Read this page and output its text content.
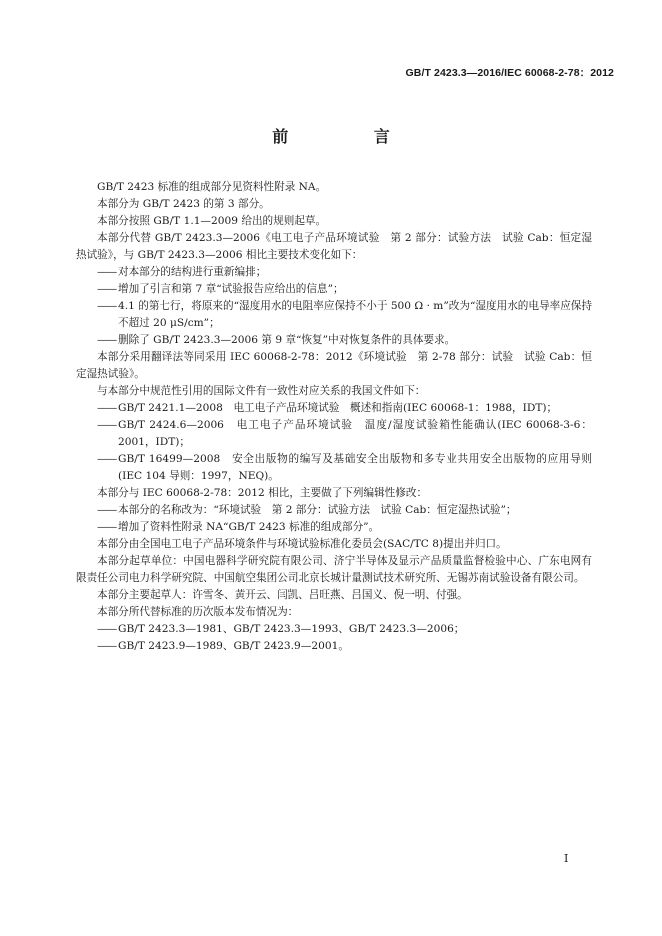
GB/T 2423.3—2016/IEC 60068-2-78：2012
前 言

GB/T 2423 标准的组成部分见资料性附录 NA。

本部分为 GB/T 2423 的第 3 部分。

本部分按照 GB/T 1.1—2009 给出的规则起草。

本部分代替 GB/T 2423.3—2006《电工电子产品环境试验　第 2 部分：试验方法　试验 Cab：恒定湿热试验》，与 GB/T 2423.3—2006 相比主要技术变化如下：

—— 对本部分的结构进行重新编排；

—— 增加了引言和第 7 章“试验报告应给出的信息”；

—— 4.1 的第七行，将原来的“湿度用水的电阻率应保持不小于 500 Ω · m”改为“湿度用水的电导率应保持不超过 20 μS/cm”；

—— 删除了 GB/T 2423.3—2006 第 9 章“恢复”中对恢复条件的具体要求。

本部分采用翻译法等同采用 IEC 60068-2-78：2012《环境试验　第 2-78 部分：试验　试验 Cab：恒定湿热试验》。

与本部分中规范性引用的国际文件有一致性对应关系的我国文件如下：

—— GB/T 2421.1—2008　电工电子产品环境试验　概述和指南(IEC 60068-1：1988，IDT)；

—— GB/T 2424.6—2006　电工电子产品环境试验　温度/湿度试验箱性能确认(IEC 60068-3-6：2001，IDT)；

—— GB/T 16499—2008　安全出版物的编写及基础安全出版物和多专业共用安全出版物的应用导则(IEC 104 导则：1997，NEQ)。

本部分与 IEC 60068-2-78：2012 相比，主要做了下列编辑性修改：

—— 本部分的名称改为：“环境试验　第 2 部分：试验方法　试验 Cab：恒定湿热试验”；

—— 增加了资料性附录 NA“GB/T 2423 标准的组成部分”。

本部分由全国电工电子产品环境条件与环境试验标准化委员会(SAC/TC 8)提出并归口。

本部分起草单位：中国电器科学研究院有限公司、济宁半导体及显示产品质量监督检验中心、广东电网有限责任公司电力科学研究院、中国航空集团公司北京长城计量测试技术研究所、无锡苏南试验设备有限公司。

本部分主要起草人：许雪冬、黄开云、闫凯、吕旺燕、吕国义、倪一明、付强。

本部分所代替标准的历次版本发布情况为：

—— GB/T 2423.3—1981、GB/T 2423.3—1993、GB/T 2423.3—2006；

—— GB/T 2423.9—1989、GB/T 2423.9—2001。

I
